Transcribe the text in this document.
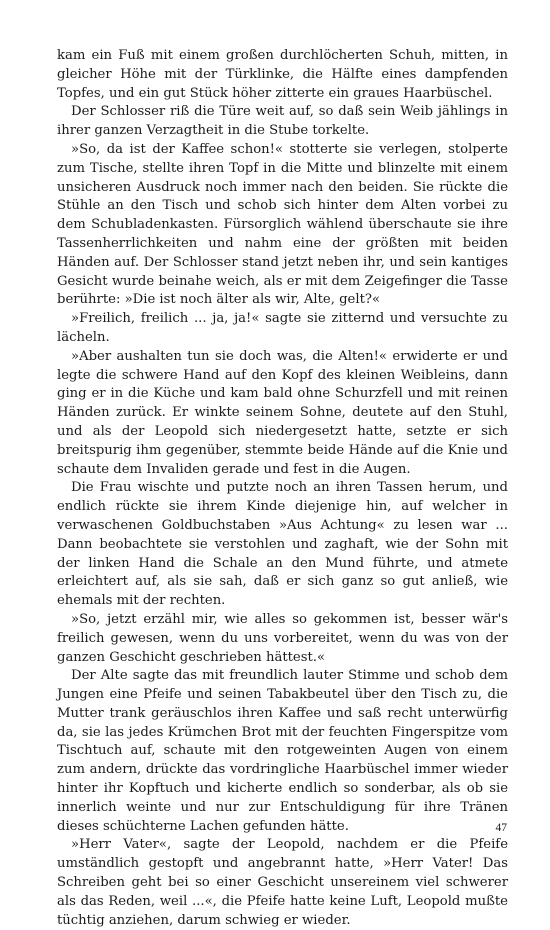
kam ein Fuß mit einem großen durchlöcherten Schuh, mitten, in gleicher Höhe mit der Türklinke, die Hälfte eines dampfenden Topfes, und ein gut Stück höher zitterte ein graues Haarbüschel.

Der Schlosser riß die Türe weit auf, so daß sein Weib jählings in ihrer ganzen Verzagtheit in die Stube torkelte.

»So, da ist der Kaffee schon!« stotterte sie verlegen, stolperte zum Tische, stellte ihren Topf in die Mitte und blinzelte mit einem unsicheren Ausdruck noch immer nach den beiden. Sie rückte die Stühle an den Tisch und schob sich hinter dem Alten vorbei zu dem Schubladenkasten. Fürsorglich wählend überschaute sie ihre Tassenherrlichkeiten und nahm eine der größten mit beiden Händen auf. Der Schlosser stand jetzt neben ihr, und sein kantiges Gesicht wurde beinahe weich, als er mit dem Zeigefinger die Tasse berührte: »Die ist noch älter als wir, Alte, gelt?«

»Freilich, freilich ... ja, ja!« sagte sie zitternd und versuchte zu lächeln.

»Aber aushalten tun sie doch was, die Alten!« erwiderte er und legte die schwere Hand auf den Kopf des kleinen Weibleins, dann ging er in die Küche und kam bald ohne Schurzfell und mit reinen Händen zurück. Er winkte seinem Sohne, deutete auf den Stuhl, und als der Leopold sich niedergesetzt hatte, setzte er sich breitspurig ihm gegenüber, stemmte beide Hände auf die Knie und schaute dem Invaliden gerade und fest in die Augen.

Die Frau wischte und putzte noch an ihren Tassen herum, und endlich rückte sie ihrem Kinde diejenige hin, auf welcher in verwaschenen Goldbuchstaben »Aus Achtung« zu lesen war ... Dann beobachtete sie verstohlen und zaghaft, wie der Sohn mit der linken Hand die Schale an den Mund führte, und atmete erleichtert auf, als sie sah, daß er sich ganz so gut anließ, wie ehemals mit der rechten.

»So, jetzt erzähl mir, wie alles so gekommen ist, besser wär's freilich gewesen, wenn du uns vorbereitet, wenn du was von der ganzen Geschicht geschrieben hättest.«

Der Alte sagte das mit freundlich lauter Stimme und schob dem Jungen eine Pfeife und seinen Tabakbeutel über den Tisch zu, die Mutter trank geräuschlos ihren Kaffee und saß recht unterwürfig da, sie las jedes Krümchen Brot mit der feuchten Fingerspitze vom Tischtuch auf, schaute mit den rotgeweinten Augen von einem zum andern, drückte das vordringliche Haarbüschel immer wieder hinter ihr Kopftuch und kicherte endlich so sonderbar, als ob sie innerlich weinte und nur zur Entschuldigung für ihre Tränen dieses schüchterne Lachen gefunden hätte.

»Herr Vater«, sagte der Leopold, nachdem er die Pfeife umständlich gestopft und angebrannt hatte, »Herr Vater! Das Schreiben geht bei so einer Geschicht unsereinem viel schwerer als das Reden, weil ...«, die Pfeife hatte keine Luft, Leopold mußte tüchtig anziehen, darum schwieg er wieder.

47
